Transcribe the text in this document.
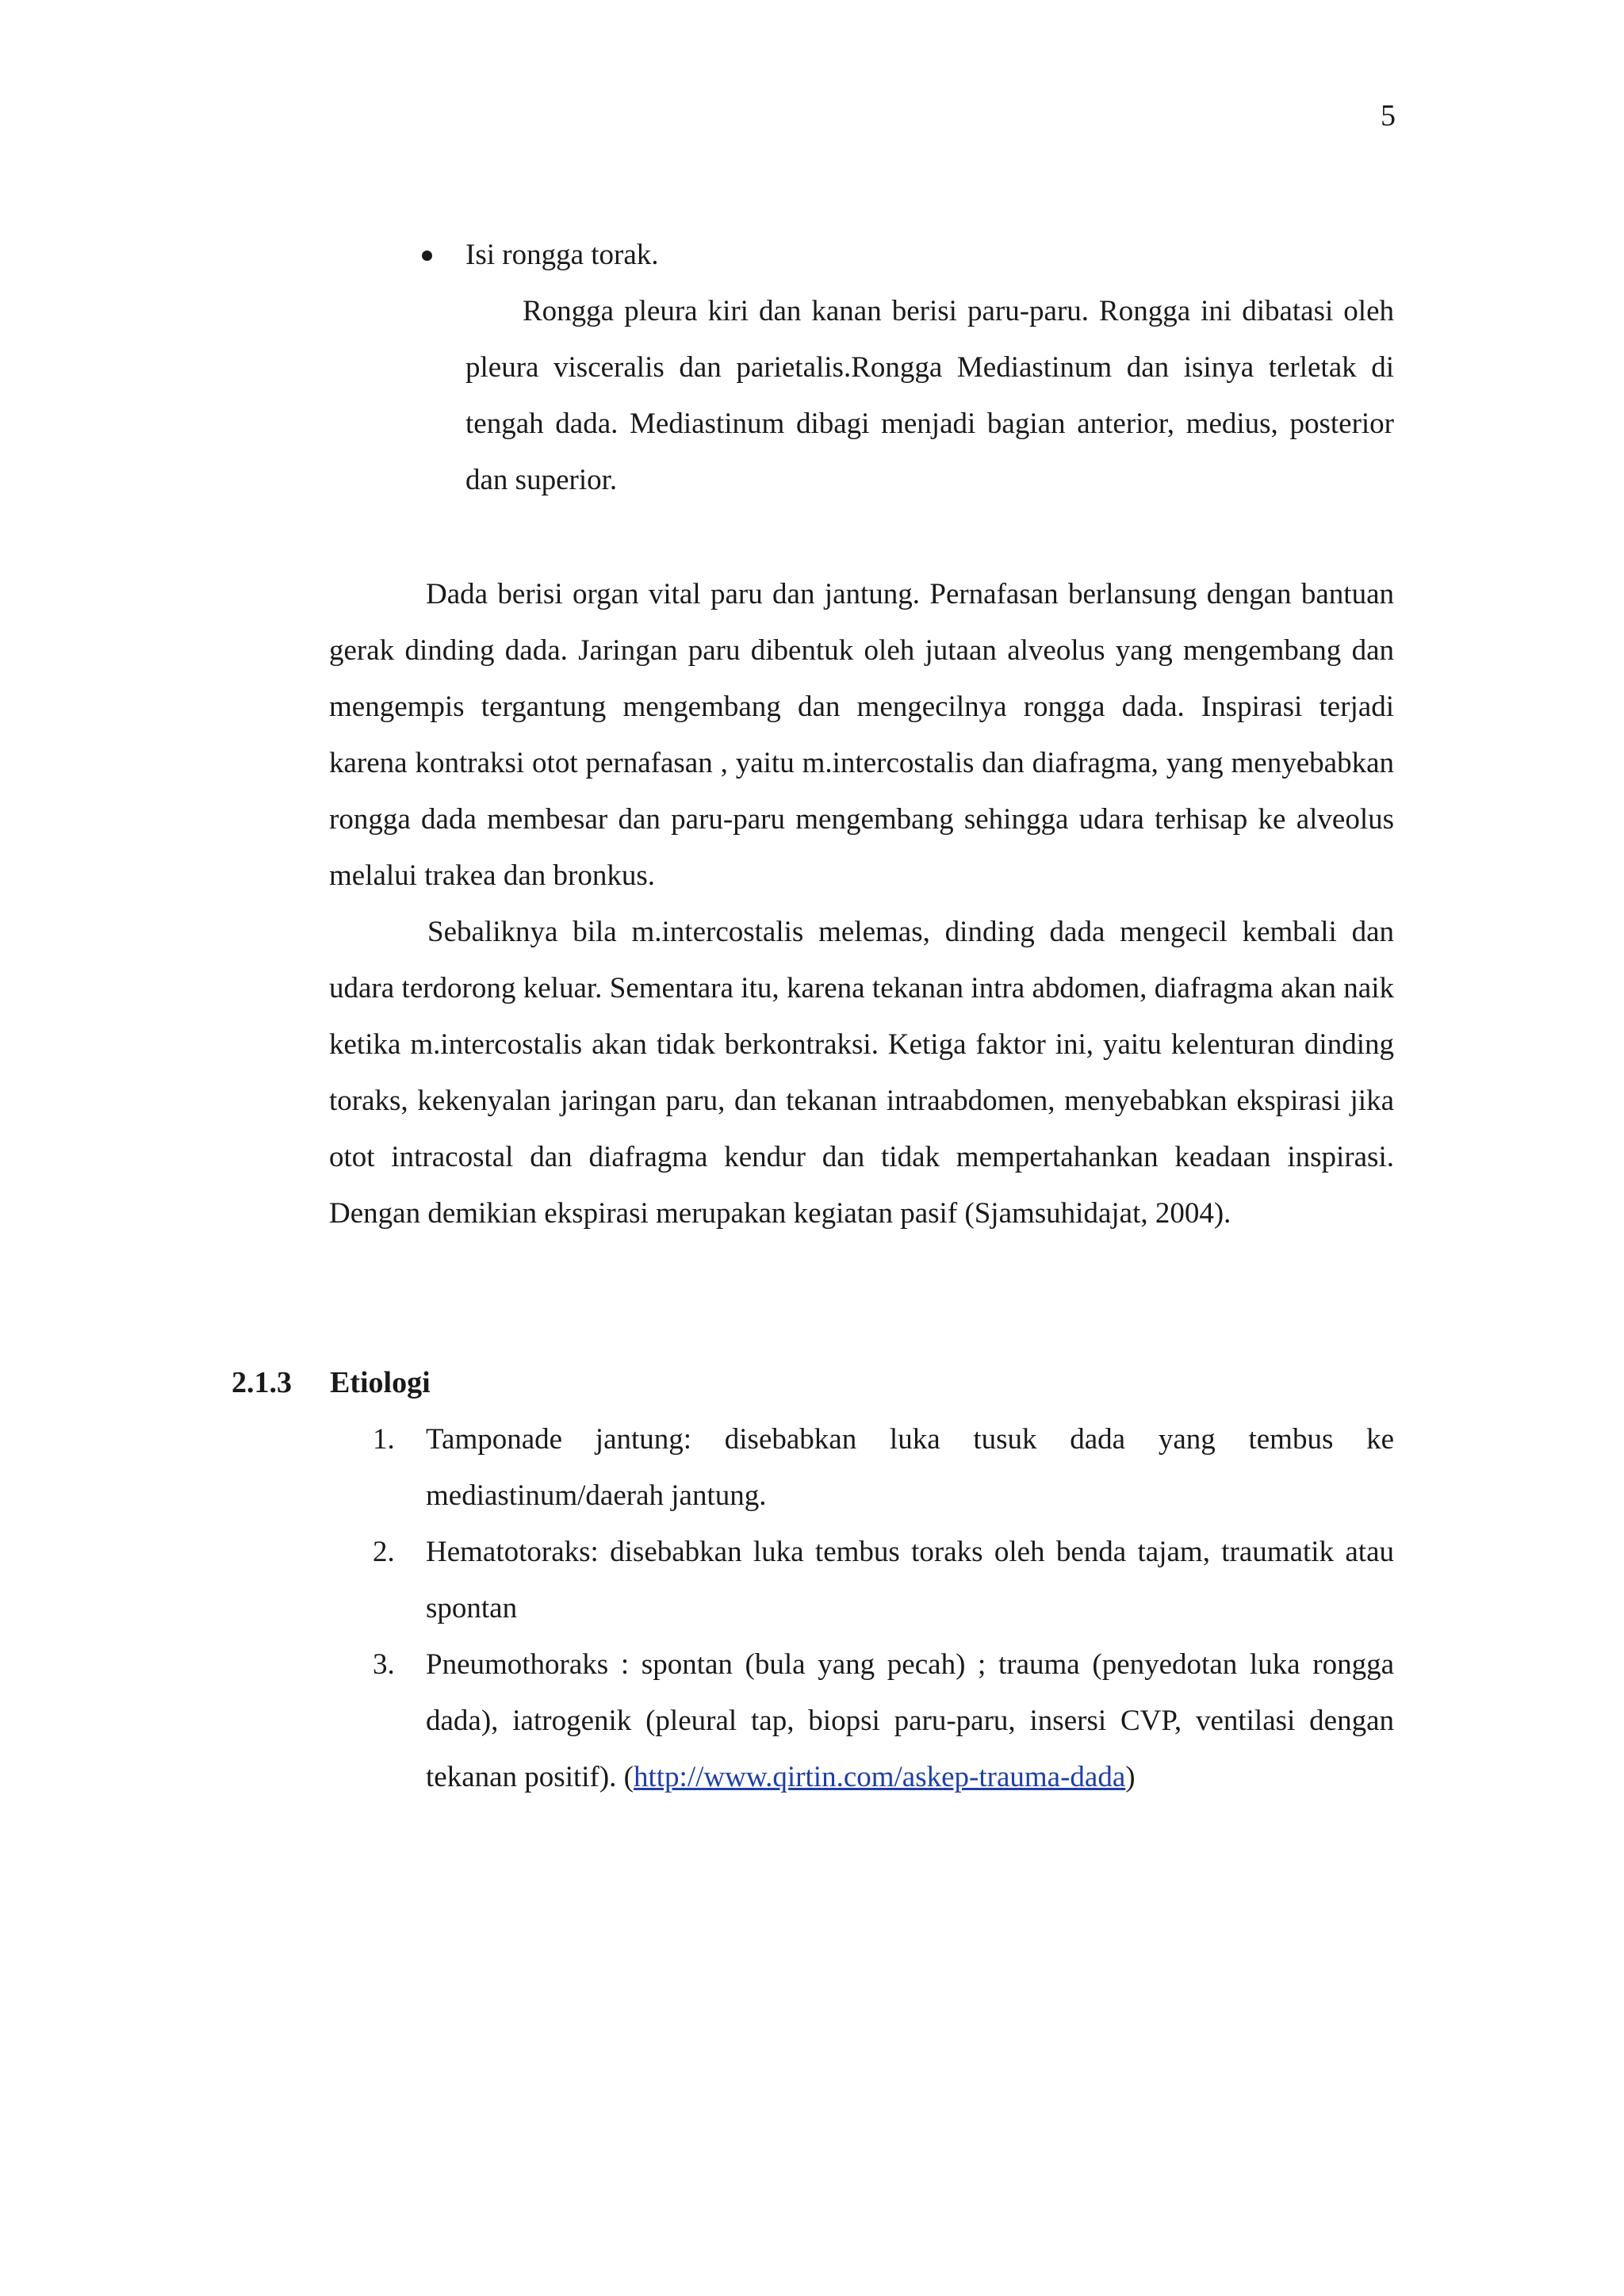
5
Isi rongga torak.
Rongga pleura kiri dan kanan berisi paru-paru. Rongga ini dibatasi oleh pleura visceralis dan parietalis.Rongga Mediastinum dan isinya terletak di tengah dada. Mediastinum dibagi menjadi bagian anterior, medius, posterior dan superior.
Dada berisi organ vital paru dan jantung. Pernafasan berlansung dengan bantuan gerak dinding dada. Jaringan paru dibentuk oleh jutaan alveolus yang mengembang dan mengempis tergantung mengembang dan mengecilnya rongga dada. Inspirasi terjadi karena kontraksi otot pernafasan , yaitu m.intercostalis dan diafragma, yang menyebabkan rongga dada membesar dan paru-paru mengembang sehingga udara terhisap ke alveolus melalui trakea dan bronkus.
Sebaliknya bila m.intercostalis melemas, dinding dada mengecil kembali dan udara terdorong keluar. Sementara itu, karena tekanan intra abdomen, diafragma akan naik ketika m.intercostalis akan tidak berkontraksi. Ketiga faktor ini, yaitu kelenturan dinding toraks, kekenyalan jaringan paru, dan tekanan intraabdomen, menyebabkan ekspirasi jika otot intracostal dan diafragma kendur dan tidak mempertahankan keadaan inspirasi. Dengan demikian ekspirasi merupakan kegiatan pasif (Sjamsuhidajat, 2004).
2.1.3 Etiologi
1. Tamponade jantung: disebabkan luka tusuk dada yang tembus ke mediastinum/daerah jantung.
2. Hematotoraks: disebabkan luka tembus toraks oleh benda tajam, traumatik atau spontan
3. Pneumothoraks : spontan (bula yang pecah) ; trauma (penyedotan luka rongga dada), iatrogenik (pleural tap, biopsi paru-paru, insersi CVP, ventilasi dengan tekanan positif). (http://www.qirtin.com/askep-trauma-dada)
